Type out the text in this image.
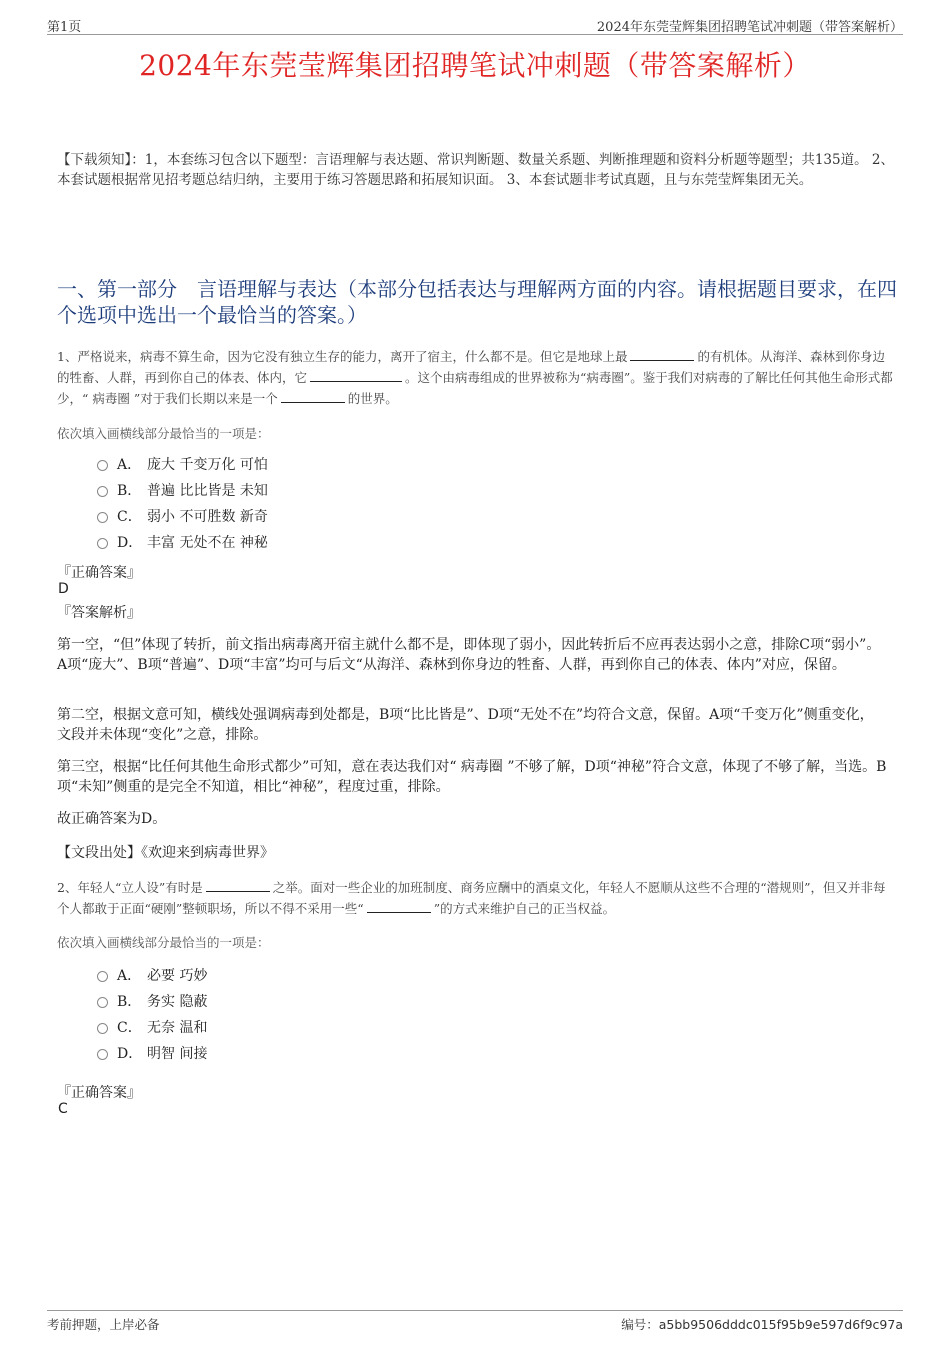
第1页	2024年东莞莹辉集团招聘笔试冲刺题（带答案解析）
2024年东莞莹辉集团招聘笔试冲刺题（带答案解析）
【下载须知】：1，本套练习包含以下题型：言语理解与表达题、常识判断题、数量关系题、判断推理题和资料分析题等题型；共135道。 2、本套试题根据常见招考题总结归纳，主要用于练习答题思路和拓展知识面。 3、本套试题非考试真题，且与东莞莹辉集团无关。
一、第一部分　言语理解与表达（本部分包括表达与理解两方面的内容。请根据题目要求，在四个选项中选出一个最恰当的答案。）
1、严格说来，病毒不算生命，因为它没有独立生存的能力，离开了宿主，什么都不是。但它是地球上最	的有机体。从海洋、森林到你身边的牲畜、人群，再到你自己的体表、体内，它	。这个由病毒组成的世界被称为“病毒圈”。鉴于我们对病毒的了解比任何其他生命形式都少，“ 病毒圈 ”对于我们长期以来是一个	的世界。
依次填入画横线部分最恰当的一项是：
A． 庞大 千变万化 可怕
B． 普遍 比比皆是 未知
C． 弱小 不可胜数 新奇
D． 丰富 无处不在 神秘
『正确答案』
D
『答案解析』
第一空，“但”体现了转折，前文指出病毒离开宿主就什么都不是，即体现了弱小，因此转折后不应再表达弱小之意，排除C项“弱小”。A项“庞大”、B项“普遍”、D项“丰富”均可与后文“从海洋、森林到你身边的牲畜、人群，再到你自己的体表、体内”对应，保留。
第二空，根据文意可知，横线处强调病毒到处都是，B项“比比皆是”、D项“无处不在”均符合文意，保留。A项“千变万化”侧重变化，文段并未体现“变化”之意，排除。
第三空，根据“比任何其他生命形式都少”可知，意在表达我们对“ 病毒圈 ”不够了解，D项“神秘”符合文意，体现了不够了解，当选。B项“未知”侧重的是完全不知道，相比“神秘”，程度过重，排除。
故正确答案为D。
【文段出处】《欢迎来到病毒世界》
2、年轻人“立人设”有时是	之举。面对一些企业的加班制度、商务应酬中的酒桌文化，年轻人不愿顺从这些不合理的“潜规则”，但又并非每个人都敢于正面“硬刚”整顿职场，所以不得不采用一些“	”的方式来维护自己的正当权益。
依次填入画横线部分最恰当的一项是：
A． 必要 巧妙
B． 务实 隐蔽
C． 无奈 温和
D． 明智 间接
『正确答案』
C
考前押题，上岸必备	编号：a5bb9506dddc015f95b9e597d6f9c97a
